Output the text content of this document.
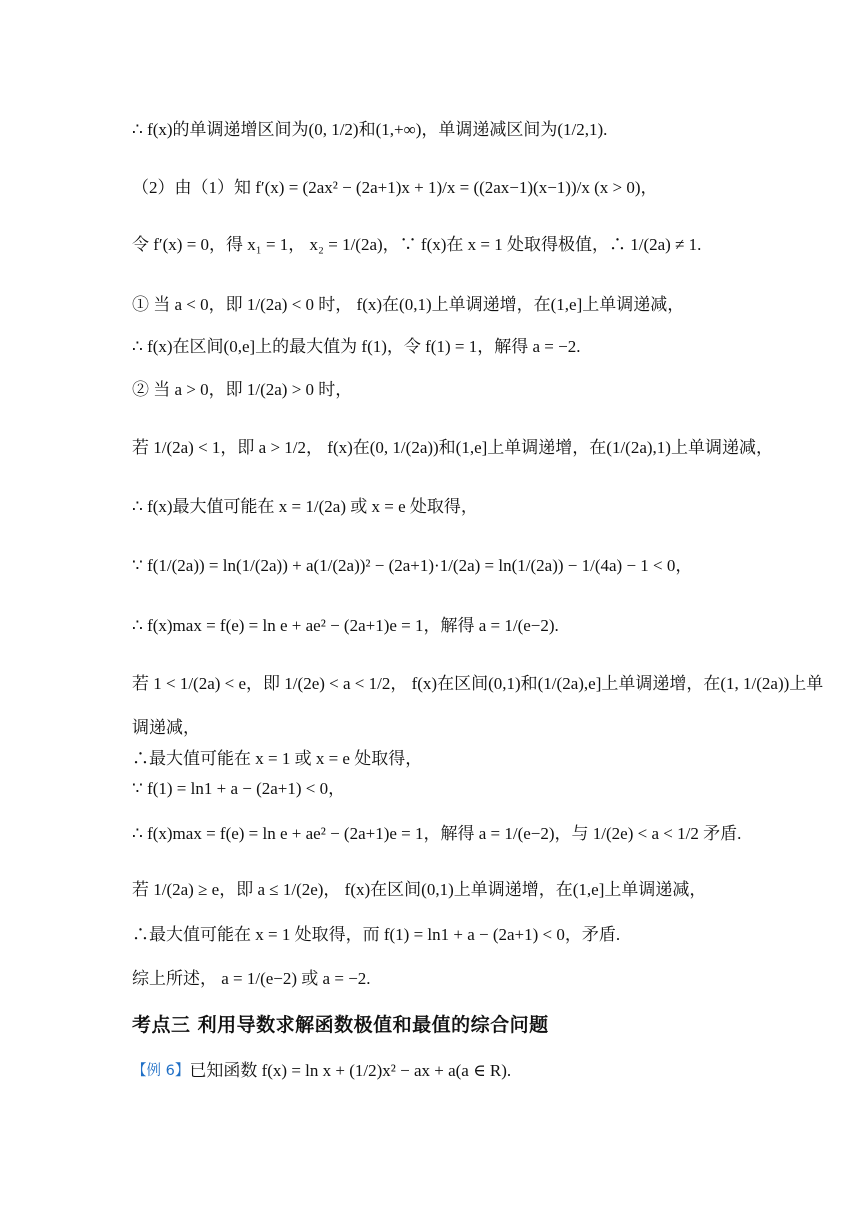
∴ f(x)的单调递增区间为(0, 1/2)和(1,+∞)，单调递减区间为(1/2,1).
（2）由（1）知 f′(x) = (2ax² − (2a+1)x + 1)/x = ((2ax−1)(x−1))/x (x > 0)，
令 f′(x) = 0，得 x₁ = 1， x₂ = 1/(2a)，∵ f(x)在 x = 1 处取得极值，∴ 1/(2a) ≠ 1.
① 当 a < 0，即 1/(2a) < 0 时， f(x)在(0,1)上单调递增，在(1,e]上单调递减，
∴ f(x)在区间(0,e]上的最大值为 f(1)，令 f(1) = 1，解得 a = −2.
② 当 a > 0，即 1/(2a) > 0 时，
若 1/(2a) < 1，即 a > 1/2， f(x)在(0, 1/(2a))和(1,e]上单调递增，在(1/(2a),1)上单调递减，
∴ f(x)最大值可能在 x = 1/(2a) 或 x = e 处取得，
∵ f(1/(2a)) = ln(1/(2a)) + a(1/(2a))² − (2a+1)·1/(2a) = ln(1/(2a)) − 1/(4a) − 1 < 0，
∴ f(x)max = f(e) = ln e + ae² − (2a+1)e = 1，解得 a = 1/(e−2).
若 1 < 1/(2a) < e，即 1/(2e) < a < 1/2， f(x)在区间(0,1)和(1/(2a),e]上单调递增，在(1, 1/(2a))上单
调递减，
∴最大值可能在 x = 1 或 x = e 处取得，
∵ f(1) = ln1 + a − (2a+1) < 0，
∴ f(x)max = f(e) = ln e + ae² − (2a+1)e = 1，解得 a = 1/(e−2)，与 1/(2e) < a < 1/2 矛盾.
若 1/(2a) ≥ e，即 a ≤ 1/(2e)， f(x)在区间(0,1)上单调递增，在(1,e]上单调递减，
∴最大值可能在 x = 1 处取得，而 f(1) = ln1 + a − (2a+1) < 0，矛盾.
综上所述， a = 1/(e−2) 或 a = −2.
考点三 利用导数求解函数极值和最值的综合问题
【例 6】已知函数 f(x) = ln x + (1/2)x² − ax + a(a ∈ R).
